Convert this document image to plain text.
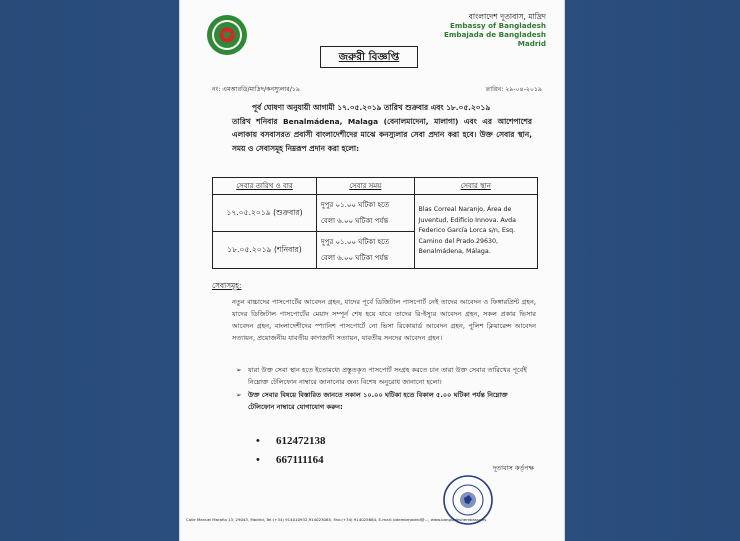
বাংলাদেশ দূতাবাস, মাদ্রিদ
Embassy of Bangladesh
Embajada de Bangladesh
Madrid
জরুরী বিজ্ঞপ্তি
নং: এমআরডি/মাদ্রিদ/কনস্যুলার/১৯	তারিখ: ২৯-০৪-২০১৯
পূর্ব ঘোষণা অনুযায়ী আগামী ১৭.০৫.২০১৯ তারিখ শুক্রবার এবং ১৮.০৫.২০১৯
তারিখ শনিবার Benalmádena, Malaga (বেনালমাদেনা, মালাগা) এবং এর আশেপাশের এলাকায় বসবাসরত প্রবাসী বাংলাদেশীদের মাঝে কনস্যুলার সেবা প্রদান করা হবে। উক্ত সেবার স্থান, সময় ও সেবাসমূহ নিম্নরূপ প্রদান করা হলো:
সেবার তারিখ ও বার	সেবার সময়	সেবার স্থান
১৭.০৫.২০১৯ (শুক্রবার)	দুপুর ০১.০০ ঘটিকা হতে
বেলা ৬.০০ ঘটিকা পর্যন্ত	Blas Correal Naranjo, Área de Juventud, Edificio Innova. Avda Federico García Lorca s/n, Esq. Camino del Prado.29630, Benalmádena, Málaga.
১৮.০৫.২০১৯ (শনিবার)	দুপুর ০১.০০ ঘটিকা হতে
বেলা ৬.০০ ঘটিকা পর্যন্ত	
সেবাসমূহ:
নতুন বাচ্চাদের পাসপোর্টের আবেদন গ্রহন, যাদের পূর্বে ডিজিটাল পাসপোর্ট নেই তাদের আবেদন ও ফিঙ্গারপ্রিন্ট গ্রহন, যাদের ডিজিটাল পাসপোর্টের মেয়াদ সম্পূর্ন শেষ হয়ে যাবে তাদের রি-ইস্যুর আবেদন গ্রহন, সকল প্রকার ভিসার আবেদন গ্রহন, বাংলাদেশীদের স্প্যানিশ পাসপোর্টে নো ভিসা রিকোয়ার্ড আবেদন গ্রহন, পুলিশ ক্লিয়ারেন্স আবেদন সত্যায়ন, প্রয়োজনীয় যাবতীয় কাগজাদী সত্যায়ন, যাবতীয় সনদের আবেদন গ্রহন।
➢ যারা উক্ত সেবা স্থান হতে ইতোমধ্যে প্রস্তুতকৃত পাসপোর্ট সংগ্রহ করতে চান তারা উক্ত সেবার তারিখের পূর্বেই নিম্নোক্ত টেলিফোন নাম্বারে জানানোর জন্য বিশেষ অনুরোধ জানানো হলো।
➢ উক্ত সেবার বিষয়ে বিস্তারিত জানতে সকাল ১০.০০ ঘটিকা হতে বিকাল ৫.০০ ঘটিকা পর্যন্ত নিম্নোক্ত টেলিফোন নাম্বারে যোগাযোগ করুন:
• 612472138
• 667111164
দূতাবাস কর্তৃপক্ষ
Calle Manuel Maraño 13, 29043, Madrid, Tel:(+34) 914010932,914023085, Fax:(+34) 914025684, E-mail: bdembmadrid@..., www.bangladeshembassy.es
